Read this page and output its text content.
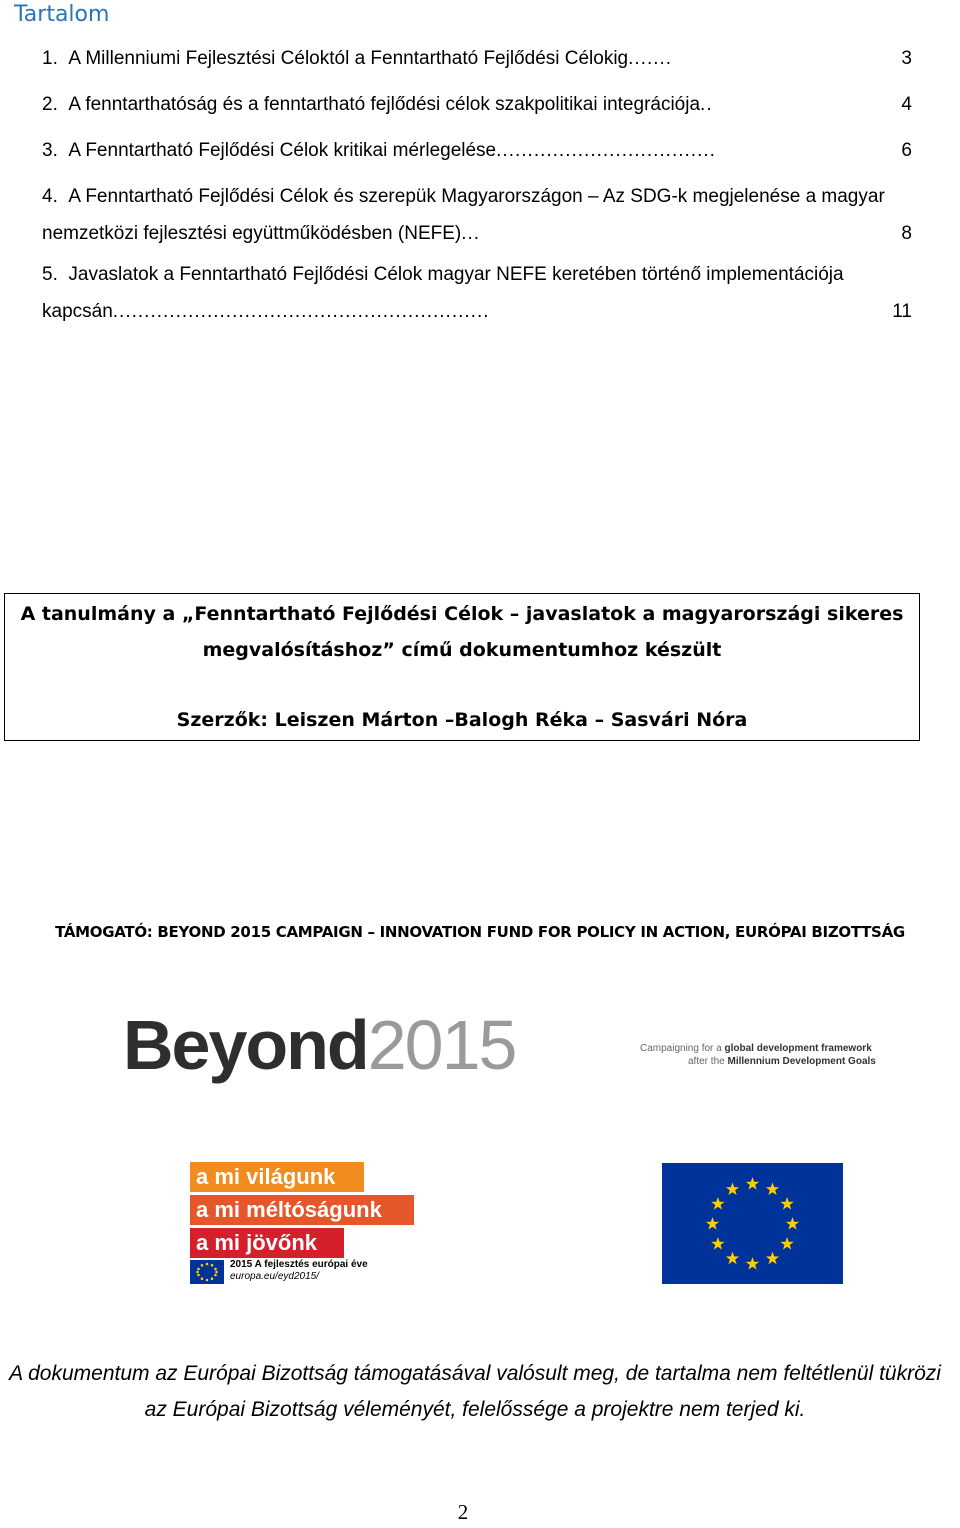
Tartalom
1. A Millenniumi Fejlesztési Céloktól a Fenntartható Fejlődési Célokig.......	3
2. A fenntarthatóság és a fenntartható fejlődési célok szakpolitikai integrációja..	4
3. A Fenntartható Fejlődési Célok kritikai mérlegelése...................................	6
4. A Fenntartható Fejlődési Célok és szerepük Magyarországon – Az SDG-k megjelenése a magyar nemzetközi fejlesztési együttműködésben (NEFE)...	8
5. Javaslatok a Fenntartható Fejlődési Célok magyar NEFE keretében történő implementációja kapcsán............................................................	11
A tanulmány a „Fenntartható Fejlődési Célok – javaslatok a magyarországi sikeres megvalósításhoz” című dokumentumhoz készült
Szerzők: Leiszen Márton –Balogh Réka – Sasvári Nóra
TÁMOGATÓ: BEYOND 2015 CAMPAIGN – INNOVATION FUND FOR POLICY IN ACTION, EURÓPAI BIZOTTSÁG
Beyond2015	Campaigning for a global development framework
after the Millennium Development Goals
a mi világunk
a mi méltóságunk
a mi jövőnk
2015 A fejlesztés európai éve
europa.eu/eyd2015/
A dokumentum az Európai Bizottság támogatásával valósult meg, de tartalma nem feltétlenül tükrözi az Európai Bizottság véleményét, felelőssége a projektre nem terjed ki.
2
